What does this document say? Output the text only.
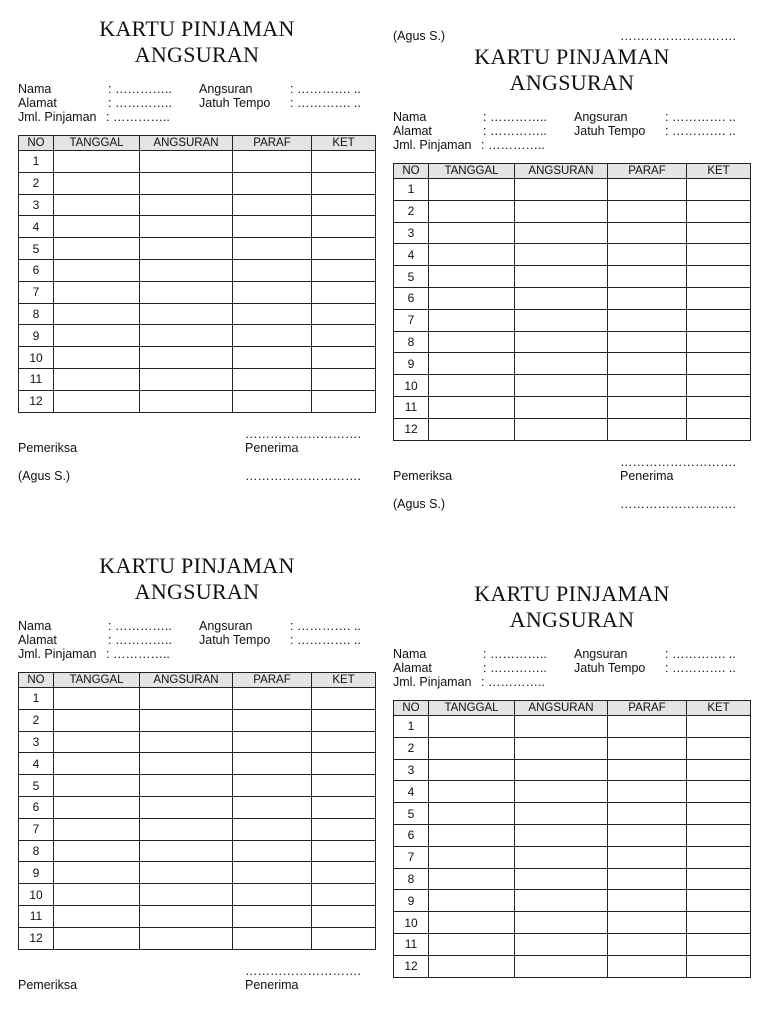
KARTU PINJAMAN
ANGSURAN
Nama	: ………….. Angsuran	: …………. ..
Alamat	: ………….. Jatuh Tempo : …………. ..
Jml. Pinjaman : …………..
NO	TANGGAL	ANGSURAN	PARAF	KET
1				
2				
3				
4				
5				
6				
7				
8				
9				
10				
11				
12				
……………………….
Pemeriksa	Penerima
(Agus S.)	……………………….
(Agus S.)	……………………….
KARTU PINJAMAN
ANGSURAN
Nama	: ………….. Angsuran	: …………. ..
Alamat	: ………….. Jatuh Tempo : …………. ..
Jml. Pinjaman : …………..
NO	TANGGAL	ANGSURAN	PARAF	KET
1				
2				
3				
4				
5				
6				
7				
8				
9				
10				
11				
12				
……………………….
Pemeriksa	Penerima
(Agus S.)	……………………….
KARTU PINJAMAN
ANGSURAN
Nama	: ………….. Angsuran	: …………. ..
Alamat	: ………….. Jatuh Tempo : …………. ..
Jml. Pinjaman : …………..
NO	TANGGAL	ANGSURAN	PARAF	KET
1				
2				
3				
4				
5				
6				
7				
8				
9				
10				
11				
12				
……………………….
Pemeriksa	Penerima
KARTU PINJAMAN
ANGSURAN
Nama	: ………….. Angsuran	: …………. ..
Alamat	: ………….. Jatuh Tempo : …………. ..
Jml. Pinjaman : …………..
NO	TANGGAL	ANGSURAN	PARAF	KET
1				
2				
3				
4				
5				
6				
7				
8				
9				
10				
11				
12				
